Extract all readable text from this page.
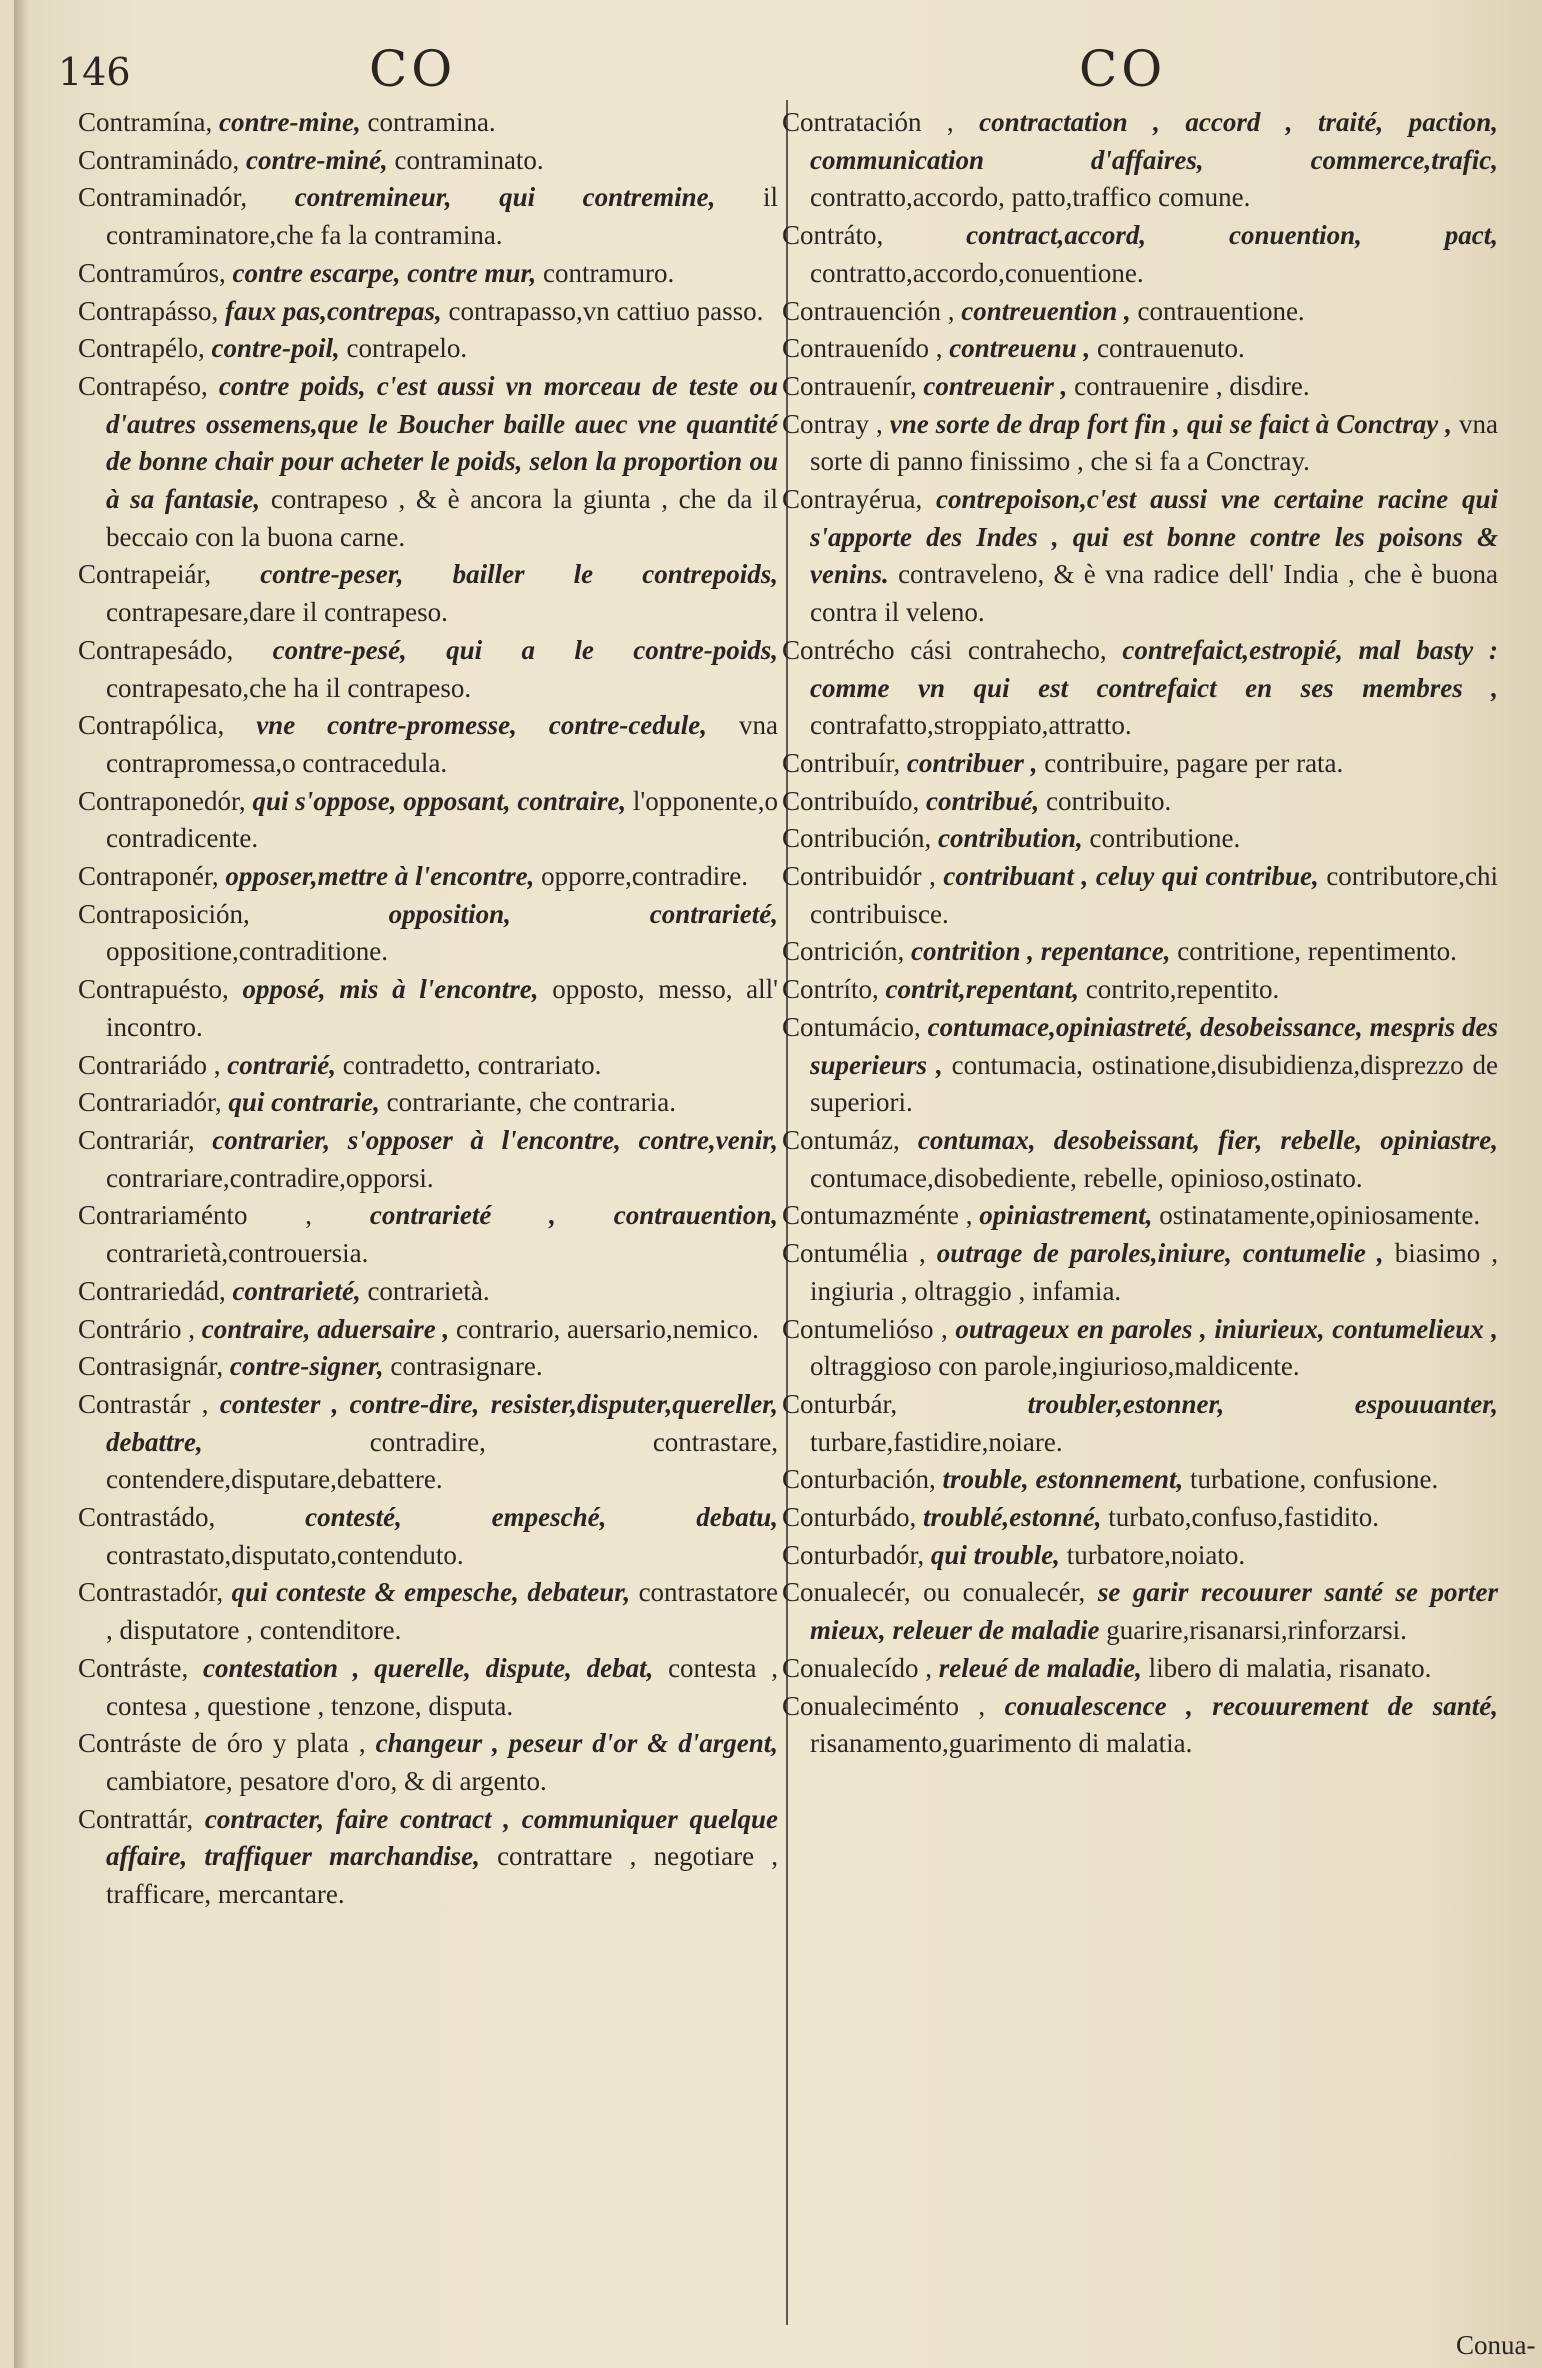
146	CO	CO

Contramína, contre-mine, contramina.

Contraminádo, contre-miné, contraminato.

Contraminadór, contremineur, qui contremine, il contraminatore,che fa la contramina.

Contramúros, contre escarpe, contre mur, contramuro.

Contrapásso, faux pas,contrepas, contrapasso,vn cattiuo passo.

Contrapélo, contre-poil, contrapelo.

Contrapéso, contre poids, c'est aussi vn morceau de teste ou d'autres ossemens,que le Boucher baille auec vne quantité de bonne chair pour acheter le poids, selon la proportion ou à sa fantasie, contrapeso , & è ancora la giunta , che da il beccaio con la buona carne.

Contrapeiár, contre-peser, bailler le contrepoids, contrapesare,dare il contrapeso.

Contrapesádo, contre-pesé, qui a le contre-poids, contrapesato,che ha il contrapeso.

Contrapólica, vne contre-promesse, contre-cedule, vna contrapromessa,o contracedula.

Contraponedór, qui s'oppose, opposant, contraire, l'opponente,o contradicente.

Contraponér, opposer,mettre à l'encontre, opporre,contradire.

Contraposición,	opposition, contrarieté, oppositione,contraditione.

Contrapuésto, opposé, mis à l'encontre, opposto, messo, all' incontro.

Contrariádo , contrarié, contradetto, contrariato.

Contrariadór, qui contrarie, contrariante, che contraria.

Contrariár, contrarier, s'opposer à l'encontre, contre,venir, contrariare,contradire,opporsi.

Contrariaménto , contrarieté , contrauention, contrarietà,controuersia.

Contrariedád, contrarieté, contrarietà.

Contrário , contraire, aduersaire , contrario, auersario,nemico.

Contrasignár, contre-signer, contrasignare.

Contrastár , contester , contre-dire, resister,disputer,quereller, debattre,	contradire, contrastare, contendere,disputare,debattere.

Contrastádo,	contesté, empesché, debatu, contrastato,disputato,contenduto.

Contrastadór, qui conteste & empesche, debateur, contrastatore , disputatore , contenditore.

Contráste, contestation , querelle, dispute, debat, contesta , contesa , questione , tenzone, disputa.

Contráste de óro y plata , changeur , peseur d'or & d'argent, cambiatore, pesatore d'oro, & di argento.

Contrattár, contracter, faire contract , communiquer quelque affaire, traffiquer marchandise, contrattare , negotiare , trafficare, mercantare.

Contratación , contractation , accord , traité, paction, communication d'affaires, commerce,trafic, contratto,accordo, patto,traffico comune.

Contráto,	contract,accord, conuention, pact, contratto,accordo,conuentione.

Contrauención , contreuention , contrauentione.

Contrauenído , contreuenu , contrauenuto.

Contrauenír, contreuenir , contrauenire , disdire.

Contray , vne sorte de drap fort fin , qui se faict à Conctray , vna sorte di panno finissimo , che si fa a Conctray.

Contrayérua, contrepoison,c'est aussi vne certaine racine qui s'apporte des Indes , qui est bonne contre les poisons & venins. contraveleno, & è vna radice dell' India , che è buona contra il veleno.

Contrécho cási contrahecho, contrefaict,estropié, mal basty : comme vn qui est contrefaict en ses membres , contrafatto,stroppiato,attratto.

Contribuír, contribuer , contribuire, pagare per rata.

Contribuído, contribué, contribuito.

Contribución, contribution, contributione.

Contribuidór , contribuant , celuy qui contribue, contributore,chi contribuisce.

Contrición, contrition , repentance, contritione, repentimento.

Contríto, contrit,repentant, contrito,repentito.

Contumácio, contumace,opiniastreté, desobeissance, mespris des superieurs , contumacia, ostinatione,disubidienza,disprezzo de superiori.

Contumáz, contumax, desobeissant, fier, rebelle, opiniastre, contumace,disobediente, rebelle, opinioso,ostinato.

Contumazménte , opiniastrement, ostinatamente,opiniosamente.

Contumélia , outrage de paroles,iniure, contumelie , biasimo , ingiuria , oltraggio , infamia.

Contumelióso , outrageux en paroles , iniurieux, contumelieux , oltraggioso con parole,ingiurioso,maldicente.

Conturbár,	troubler,estonner, espouuanter, turbare,fastidire,noiare.

Conturbación, trouble, estonnement, turbatione, confusione.

Conturbádo, troublé,estonné, turbato,confuso,fastidito.

Conturbadór, qui trouble, turbatore,noiato.

Conualecér, ou conualecér, se garir recouurer santé se porter mieux, releuer de maladie guarire,risanarsi,rinforzarsi.

Conualecído , releué de maladie, libero di malatia, risanato.

Conualeciménto , conualescence , recouurement de santé, risanamento,guarimento di malatia.

Conua-
